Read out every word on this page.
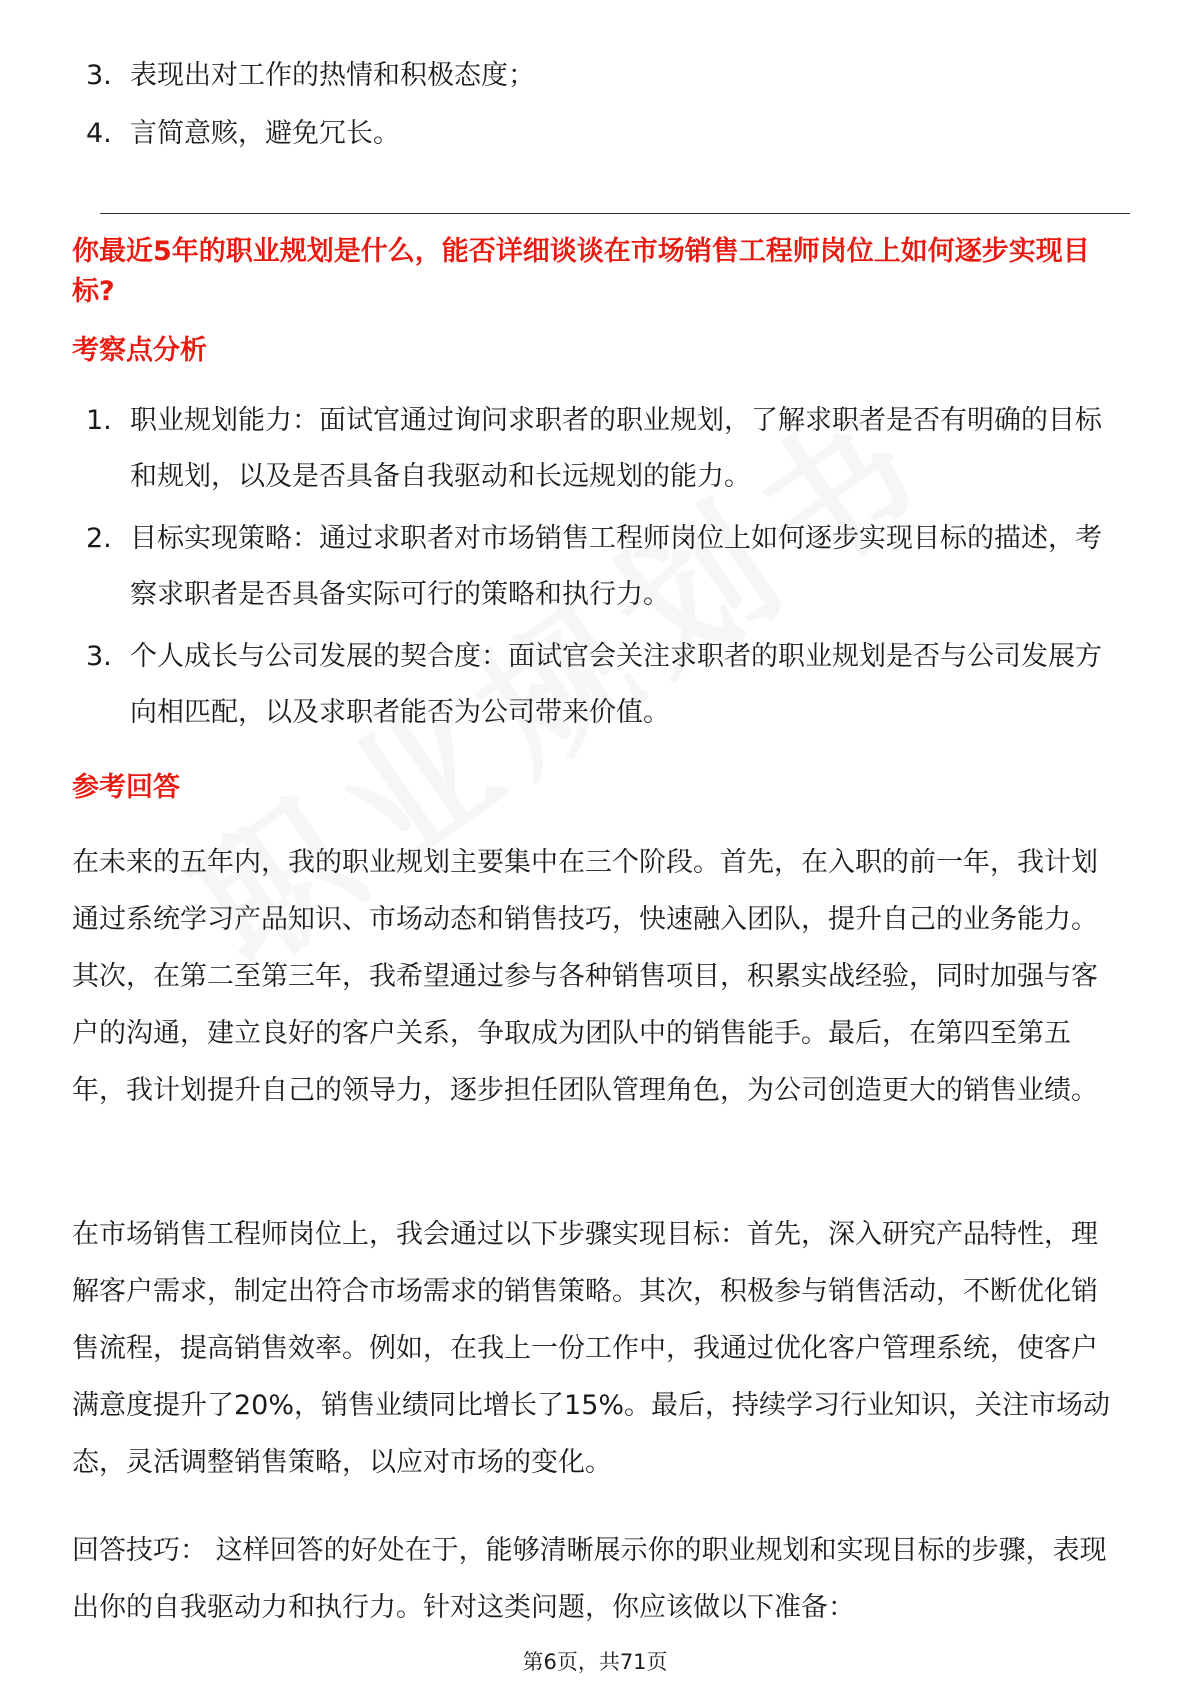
3. 表现出对工作的热情和积极态度；
4. 言简意赅，避免冗长。
你最近5年的职业规划是什么，能否详细谈谈在市场销售工程师岗位上如何逐步实现目标?
考察点分析
1. 职业规划能力：面试官通过询问求职者的职业规划，了解求职者是否有明确的目标和规划，以及是否具备自我驱动和长远规划的能力。
2. 目标实现策略：通过求职者对市场销售工程师岗位上如何逐步实现目标的描述，考察求职者是否具备实际可行的策略和执行力。
3. 个人成长与公司发展的契合度：面试官会关注求职者的职业规划是否与公司发展方向相匹配，以及求职者能否为公司带来价值。
参考回答

在未来的五年内，我的职业规划主要集中在三个阶段。首先，在入职的前一年，我计划通过系统学习产品知识、市场动态和销售技巧，快速融入团队，提升自己的业务能力。其次，在第二至第三年，我希望通过参与各种销售项目，积累实战经验，同时加强与客户的沟通，建立良好的客户关系，争取成为团队中的销售能手。最后，在第四至第五年，我计划提升自己的领导力，逐步担任团队管理角色，为公司创造更大的销售业绩。

在市场销售工程师岗位上，我会通过以下步骤实现目标：首先，深入研究产品特性，理解客户需求，制定出符合市场需求的销售策略。其次，积极参与销售活动，不断优化销售流程，提高销售效率。例如，在我上一份工作中，我通过优化客户管理系统，使客户满意度提升了20%，销售业绩同比增长了15%。最后，持续学习行业知识，关注市场动态，灵活调整销售策略，以应对市场的变化。

回答技巧： 这样回答的好处在于，能够清晰展示你的职业规划和实现目标的步骤，表现出你的自我驱动力和执行力。针对这类问题，你应该做以下准备：

第6页，共71页
